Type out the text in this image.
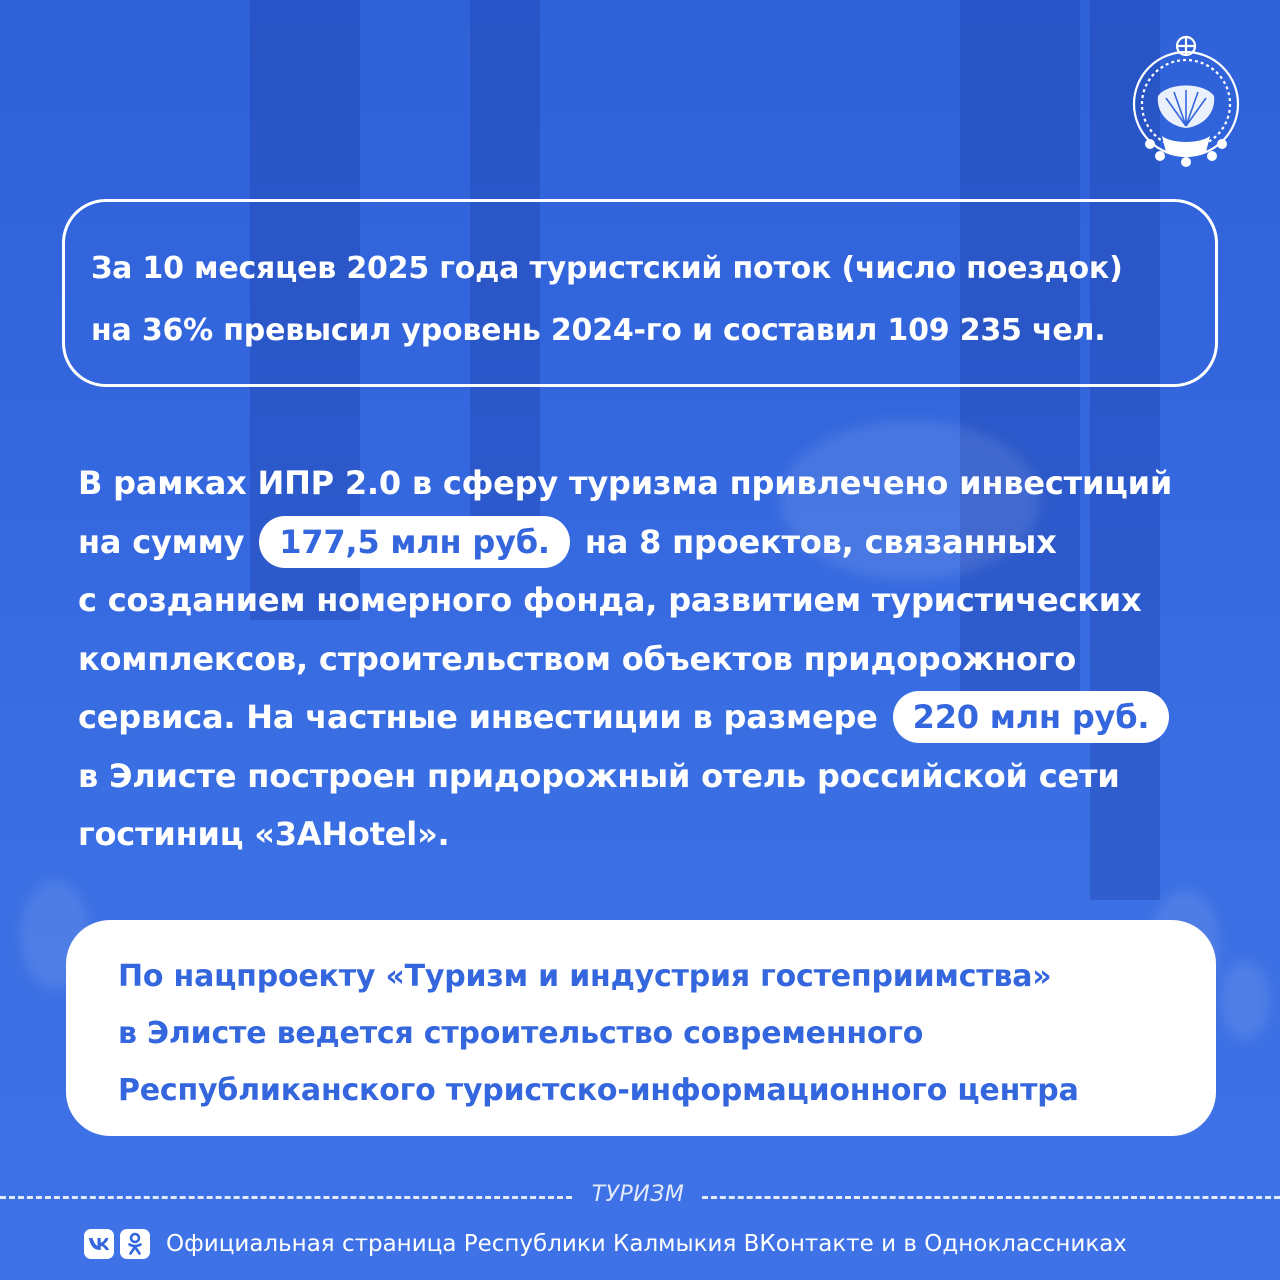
За 10 месяцев 2025 года туристский поток (число поездок)
на 36% превысил уровень 2024-го и составил 109 235 чел.

В рамках ИПР 2.0 в сферу туризма привлечено инвестиций
на сумму 177,5 млн руб. на 8 проектов, связанных
с созданием номерного фонда, развитием туристических
комплексов, строительством объектов придорожного
сервиса. На частные инвестиции в размере 220 млн руб.
в Элисте построен придорожный отель российской сети
гостиниц «3AHotel».

По нацпроекту «Туризм и индустрия гостеприимства»
в Элисте ведется строительство современного
Республиканского туристско-информационного центра

ТУРИЗМ
Официальная страница Республики Калмыкия ВКонтакте и в Одноклассниках
